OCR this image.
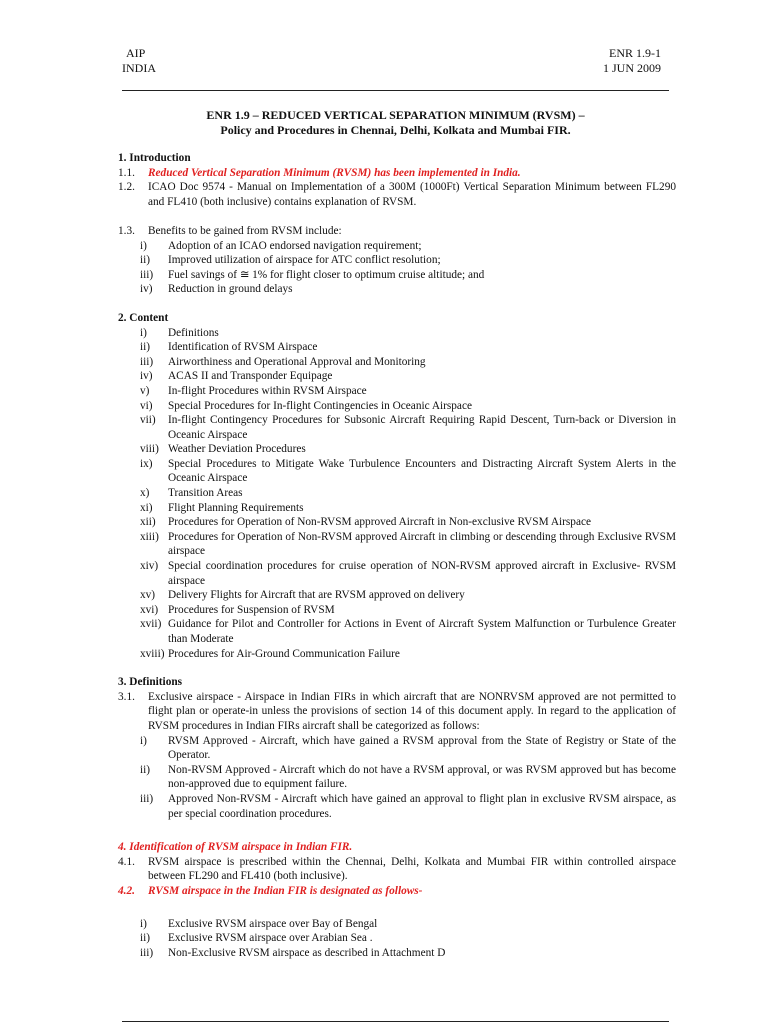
AIP
INDIA
ENR 1.9-1
1 JUN 2009
ENR 1.9 – REDUCED VERTICAL SEPARATION MINIMUM (RVSM) –
Policy and Procedures in Chennai, Delhi, Kolkata and Mumbai FIR.
1. Introduction
1.1.	Reduced Vertical Separation Minimum (RVSM) has been implemented in India.
1.2.	ICAO Doc 9574 - Manual on Implementation of a 300M (1000Ft) Vertical Separation Minimum between FL290 and FL410 (both inclusive) contains explanation of RVSM.
1.3.	Benefits to be gained from RVSM include:
i)	Adoption of an ICAO endorsed navigation requirement;
ii)	Improved utilization of airspace for ATC conflict resolution;
iii)	Fuel savings of ≅ 1% for flight closer to optimum cruise altitude; and
iv)	Reduction in ground delays
2. Content
i)	Definitions
ii)	Identification of RVSM Airspace
iii)	Airworthiness and Operational Approval and Monitoring
iv)	ACAS II and Transponder Equipage
v)	In-flight Procedures within RVSM Airspace
vi)	Special Procedures for In-flight Contingencies in Oceanic Airspace
vii)	In-flight Contingency Procedures for Subsonic Aircraft Requiring Rapid Descent, Turn-back or Diversion in Oceanic Airspace
viii) Weather Deviation Procedures
ix)	Special Procedures to Mitigate Wake Turbulence Encounters and Distracting Aircraft System Alerts in the Oceanic Airspace
x)	Transition Areas
xi)	Flight Planning Requirements
xii)	Procedures for Operation of Non-RVSM approved Aircraft in Non-exclusive RVSM Airspace
xiii) Procedures for Operation of Non-RVSM approved Aircraft in climbing or descending through Exclusive RVSM airspace
xiv) Special coordination procedures for cruise operation of NON-RVSM approved aircraft in Exclusive- RVSM airspace
xv)	Delivery Flights for Aircraft that are RVSM approved on delivery
xvi) Procedures for Suspension of RVSM
xvii) Guidance for Pilot and Controller for Actions in Event of Aircraft System Malfunction or Turbulence Greater than Moderate
xviii) Procedures for Air-Ground Communication Failure
3. Definitions
3.1.	Exclusive airspace - Airspace in Indian FIRs in which aircraft that are NONRVSM approved are not permitted to flight plan or operate-in unless the provisions of section 14 of this document apply. In regard to the application of RVSM procedures in Indian FIRs aircraft shall be categorized as follows:
i)	RVSM Approved - Aircraft, which have gained a RVSM approval from the State of Registry or State of the Operator.
ii)	Non-RVSM Approved - Aircraft which do not have a RVSM approval, or was RVSM approved but has become non-approved due to equipment failure.
iii)	Approved Non-RVSM - Aircraft which have gained an approval to flight plan in exclusive RVSM airspace, as per special coordination procedures.
4. Identification of RVSM airspace in Indian FIR.
4.1.	RVSM airspace is prescribed within the Chennai, Delhi, Kolkata and Mumbai FIR within controlled airspace between FL290 and FL410 (both inclusive).
4.2.	RVSM airspace in the Indian FIR is designated as follows-
i)	Exclusive RVSM airspace over Bay of Bengal
ii)	Exclusive RVSM airspace over Arabian Sea .
iii)	Non-Exclusive RVSM airspace as described in Attachment D
